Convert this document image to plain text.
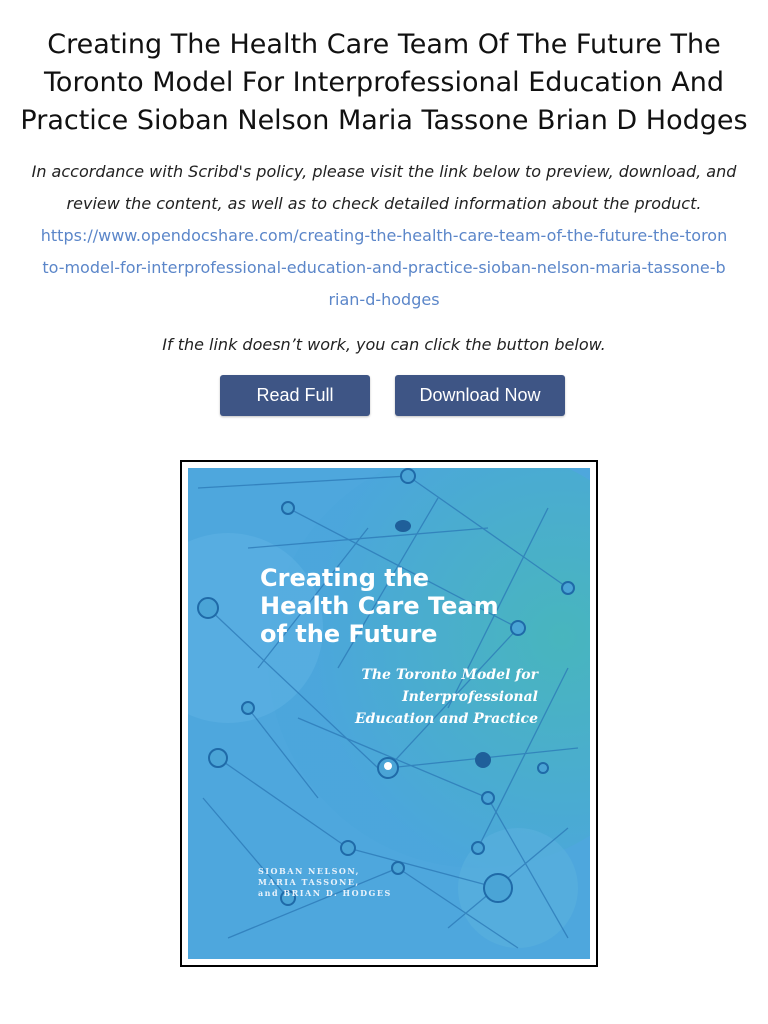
Creating The Health Care Team Of The Future The Toronto Model For Interprofessional Education And Practice Sioban Nelson Maria Tassone Brian D Hodges
In accordance with Scribd's policy, please visit the link below to preview, download, and review the content, as well as to check detailed information about the product.
https://www.opendocshare.com/creating-the-health-care-team-of-the-future-the-toronto-model-for-interprofessional-education-and-practice-sioban-nelson-maria-tassone-brian-d-hodges
If the link doesn’t work, you can click the button below.
Read Full	Download Now
Creating the
Health Care Team
of the Future
The Toronto Model for
Interprofessional
Education and Practice
SIOBAN NELSON,
MARIA TASSONE,
and BRIAN D. HODGES
